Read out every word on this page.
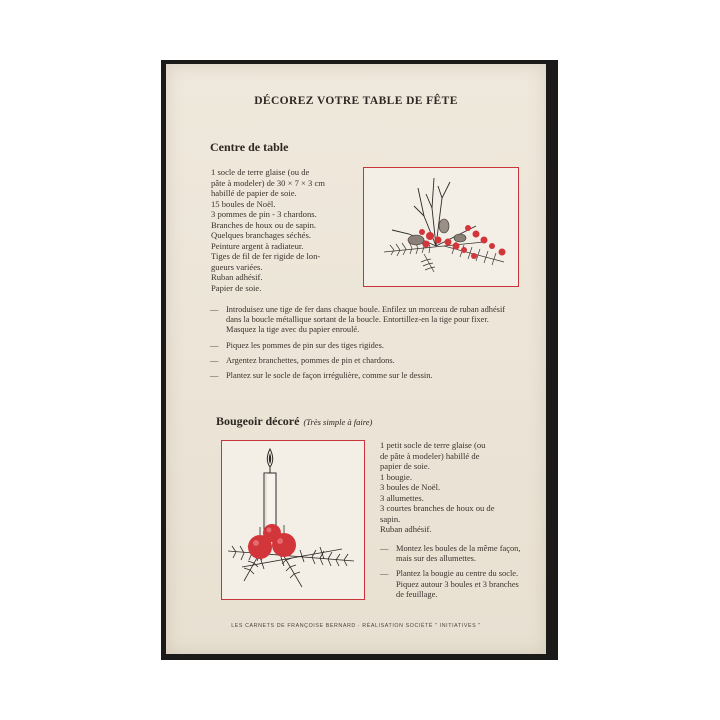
DÉCOREZ VOTRE TABLE DE FÊTE
Centre de table
1 socle de terre glaise (ou de
pâte à modeler) de 30 × 7 × 3 cm
habillé de papier de soie.
15 boules de Noël.
3 pommes de pin - 3 chardons.
Branches de houx ou de sapin.
Quelques branchages séchés.
Peinture argent à radiateur.
Tiges de fil de fer rigide de lon-
gueurs variées.
Ruban adhésif.
Papier de soie.
— Introduisez une tige de fer dans chaque boule. Enfilez un morceau de ruban adhésif dans la boucle métallique sortant de la boucle. Entortillez-en la tige pour fixer. Masquez la tige avec du papier enroulé.
— Piquez les pommes de pin sur des tiges rigides.
— Argentez branchettes, pommes de pin et chardons.
— Plantez sur le socle de façon irrégulière, comme sur le dessin.
Bougeoir décoré (Très simple à faire)
1 petit socle de terre glaise (ou
de pâte à modeler) habillé de
papier de soie.
1 bougie.
3 boules de Noël.
3 allumettes.
3 courtes branches de houx ou de
sapin.
Ruban adhésif.
— Montez les boules de la même façon, mais sur des allumettes.
— Plantez la bougie au centre du socle. Piquez autour 3 boules et 3 branches de feuillage.
LES CARNETS DE FRANÇOISE BERNARD · RÉALISATION SOCIÉTÉ " INITIATIVES "
